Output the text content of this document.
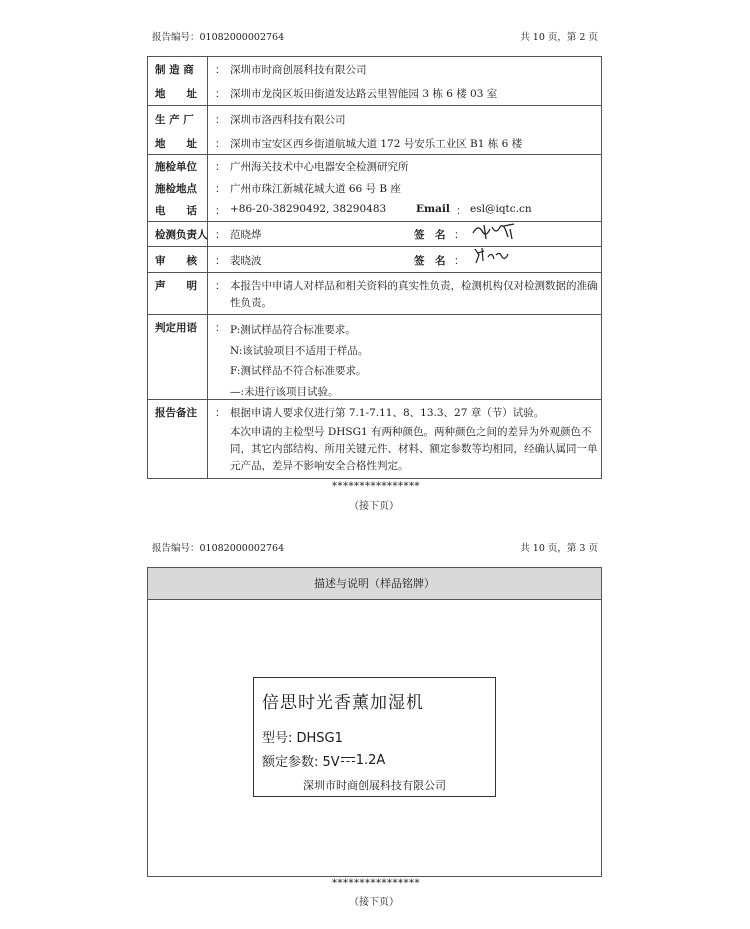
报告编号：01082000002764	共 10 页，第 2 页
制 造 商 ： 深圳市时商创展科技有限公司
地　　址 ： 深圳市龙岗区坂田街道发达路云里智能园 3 栋 6 楼 03 室
生 产 厂 ： 深圳市洛西科技有限公司
地　　址 ： 深圳市宝安区西乡街道航城大道 172 号安乐工业区 B1 栋 6 楼
施检单位 ： 广州海关技术中心电器安全检测研究所
施检地点 ： 广州市珠江新城花城大道 66 号 B 座
电　　话 ： +86-20-38290492, 38290483	Email ： esl@iqtc.cn
检测负责人 ： 范晓烨	签　名 ：
审　　核 ： 裴晓波	签　名 ：
声　　明 ： 本报告中申请人对样品和相关资料的真实性负责，检测机构仅对检测数据的准确性负责。
判定用语 ： P:测试样品符合标准要求。
N:该试验项目不适用于样品。
F:测试样品不符合标准要求。
—:未进行该项目试验。
报告备注 ： 根据申请人要求仅进行第 7.1-7.11、8、13.3、27 章（节）试验。
本次申请的主检型号 DHSG1 有两种颜色。两种颜色之间的差异为外观颜色不同，其它内部结构、所用关键元件、材料、额定参数等均相同，经确认属同一单元产品，差异不影响安全合格性判定。
****************
（接下页）
报告编号：01082000002764	共 10 页，第 3 页
描述与说明（样品铭牌）
倍思时光香薰加湿机
型号: DHSG1
额定参数: 5V 1.2A
深圳市时商创展科技有限公司
****************
（接下页）
